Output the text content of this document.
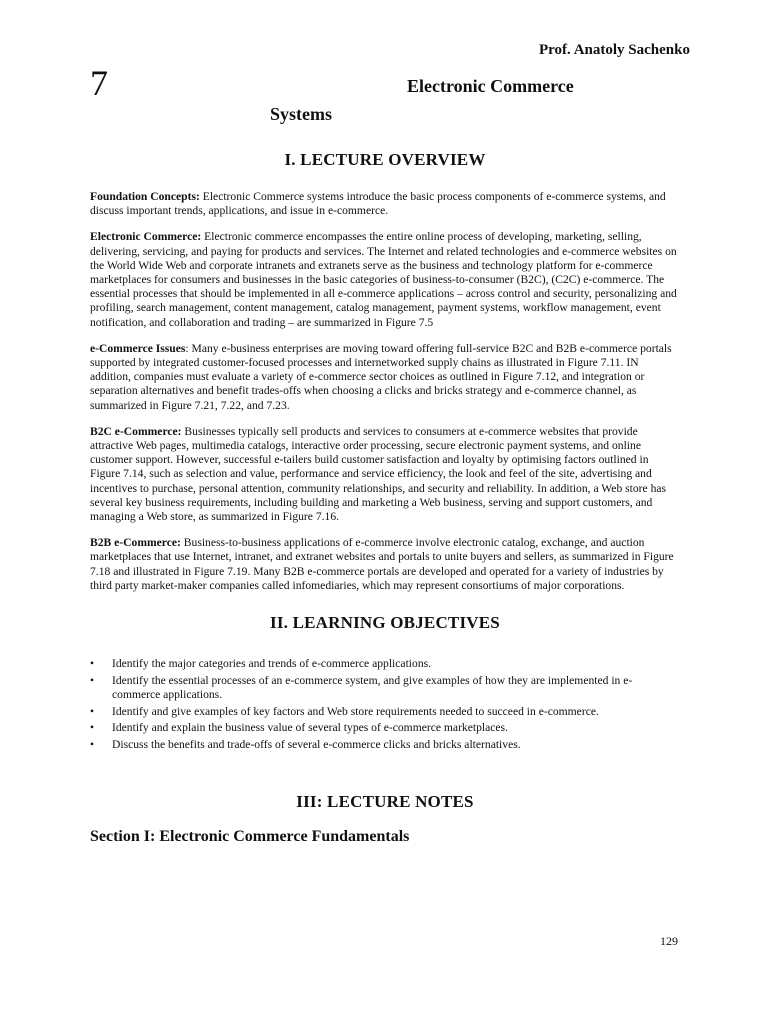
Prof. Anatoly Sachenko
7	Electronic Commerce
Systems
I. LECTURE OVERVIEW

Foundation Concepts: Electronic Commerce systems introduce the basic process components of e-commerce systems, and discuss important trends, applications, and issue in e-commerce.

Electronic Commerce: Electronic commerce encompasses the entire online process of developing, marketing, selling, delivering, servicing, and paying for products and services. The Internet and related technologies and e-commerce websites on the World Wide Web and corporate intranets and extranets serve as the business and technology platform for e-commerce marketplaces for consumers and businesses in the basic categories of business-to-consumer (B2C), (C2C) e-commerce. The essential processes that should be implemented in all e-commerce applications – across control and security, personalizing and profiling, search management, content management, catalog management, payment systems, workflow management, event notification, and collaboration and trading – are summarized in Figure 7.5

e-Commerce Issues: Many e-business enterprises are moving toward offering full-service B2C and B2B e-commerce portals supported by integrated customer-focused processes and internetworked supply chains as illustrated in Figure 7.11. IN addition, companies must evaluate a variety of e-commerce sector choices as outlined in Figure 7.12, and integration or separation alternatives and benefit trades-offs when choosing a clicks and bricks strategy and e-commerce channel, as summarized in Figure 7.21, 7.22, and 7.23.

B2C e-Commerce: Businesses typically sell products and services to consumers at e-commerce websites that provide attractive Web pages, multimedia catalogs, interactive order processing, secure electronic payment systems, and online customer support. However, successful e-tailers build customer satisfaction and loyalty by optimising factors outlined in Figure 7.14, such as selection and value, performance and service efficiency, the look and feel of the site, advertising and incentives to purchase, personal attention, community relationships, and security and reliability. In addition, a Web store has several key business requirements, including building and marketing a Web business, serving and support customers, and managing a Web store, as summarized in Figure 7.16.

B2B e-Commerce: Business-to-business applications of e-commerce involve electronic catalog, exchange, and auction marketplaces that use Internet, intranet, and extranet websites and portals to unite buyers and sellers, as summarized in Figure 7.18 and illustrated in Figure 7.19. Many B2B e-commerce portals are developed and operated for a variety of industries by third party market-maker companies called infomediaries, which may represent consortiums of major corporations.

II. LEARNING OBJECTIVES
• Identify the major categories and trends of e-commerce applications.
• Identify the essential processes of an e-commerce system, and give examples of how they are implemented in e-commerce applications.
• Identify and give examples of key factors and Web store requirements needed to succeed in e-commerce.
• Identify and explain the business value of several types of e-commerce marketplaces.
• Discuss the benefits and trade-offs of several e-commerce clicks and bricks alternatives.
III: LECTURE NOTES
Section I: Electronic Commerce Fundamentals
129
